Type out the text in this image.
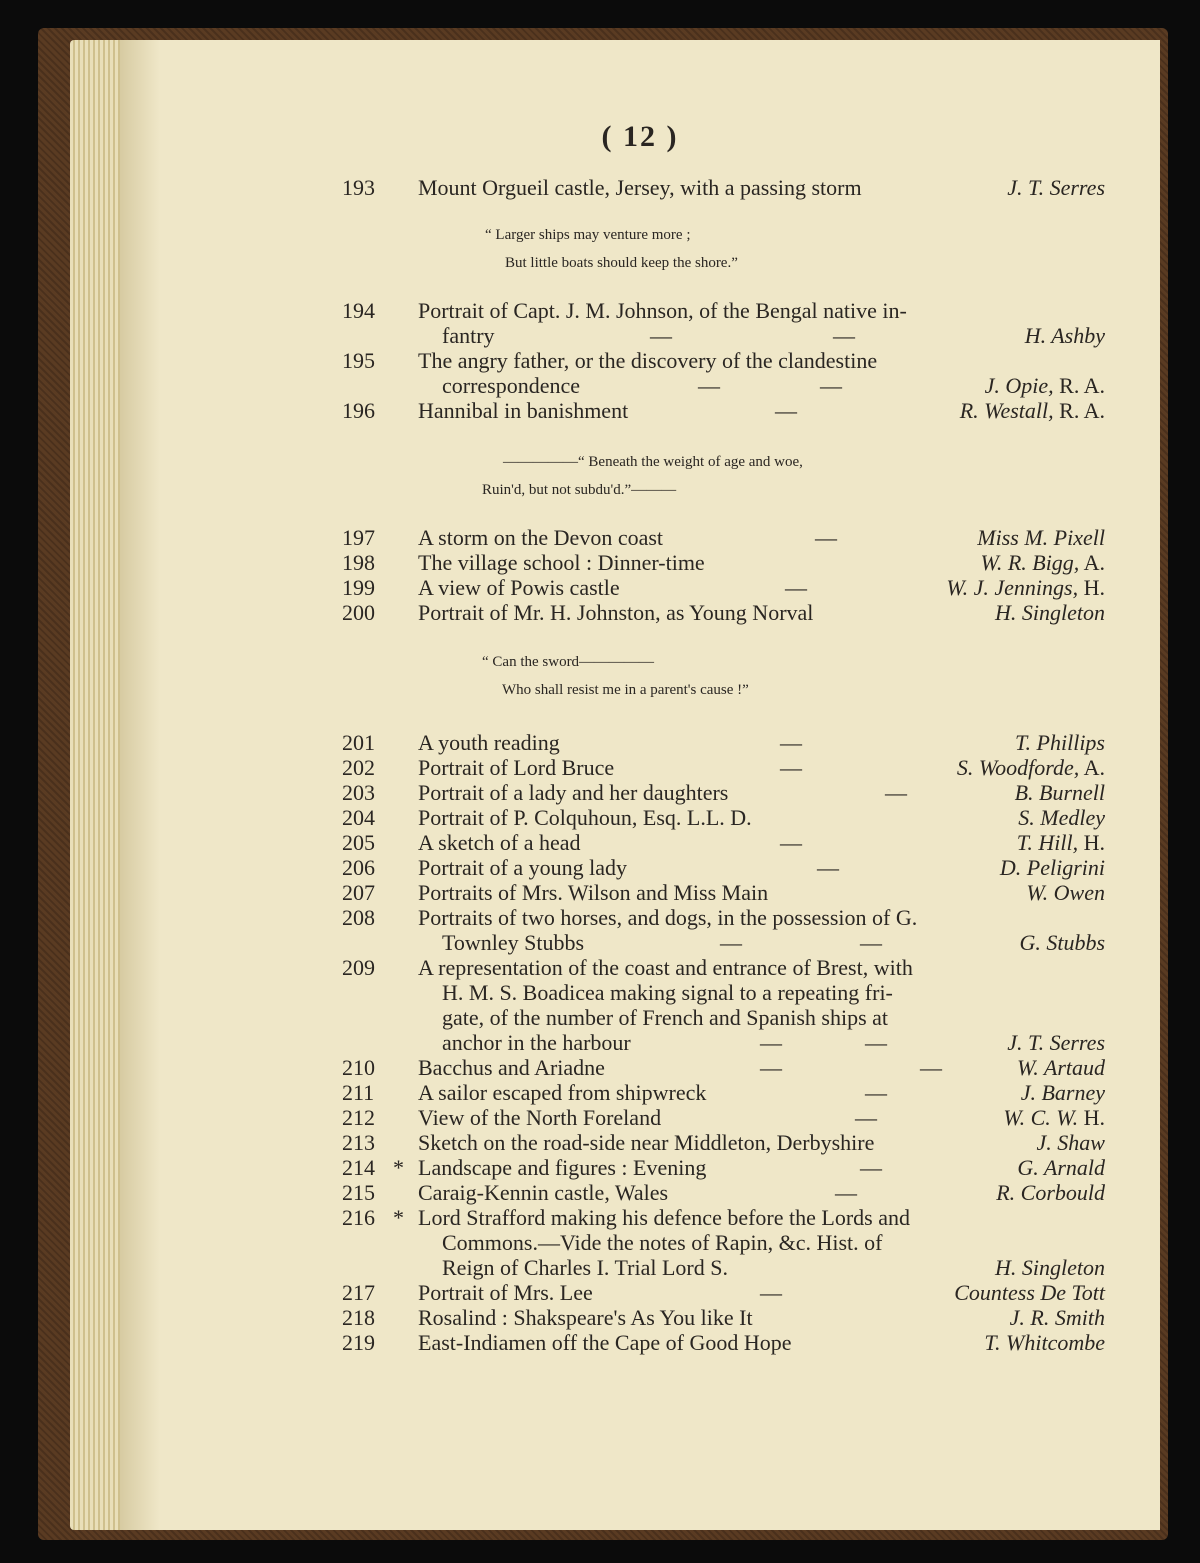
( 12 )
193	Mount Orgueil castle, Jersey, with a passing storm	J. T. Serres
“ Larger ships may venture more ;
But little boats should keep the shore.”
194	Portrait of Capt. J. M. Johnson, of the Bengal native in-
fantry	—	—	H. Ashby
195	The angry father, or the discovery of the clandestine
correspondence	—	—	J. Opie, R. A.
196	Hannibal in banishment	—	R. Westall, R. A.
—————“ Beneath the weight of age and woe,
Ruin'd, but not subdu'd.”———
197	A storm on the Devon coast	—	Miss M. Pixell
198	The village school : Dinner-time	W. R. Bigg, A.
199	A view of Powis castle	—	W. J. Jennings, H.
200	Portrait of Mr. H. Johnston, as Young Norval	H. Singleton
“ Can the sword—————
Who shall resist me in a parent's cause !”
201	A youth reading	—	T. Phillips
202	Portrait of Lord Bruce	—	S. Woodforde, A.
203	Portrait of a lady and her daughters	—	B. Burnell
204	Portrait of P. Colquhoun, Esq. L.L. D.	S. Medley
205	A sketch of a head	—	T. Hill, H.
206	Portrait of a young lady	—	D. Peligrini
207	Portraits of Mrs. Wilson and Miss Main	W. Owen
208	Portraits of two horses, and dogs, in the possession of G.
Townley Stubbs	—	—	G. Stubbs
209	A representation of the coast and entrance of Brest, with
H. M. S. Boadicea making signal to a repeating fri-
gate, of the number of French and Spanish ships at
anchor in the harbour	—	—	J. T. Serres
210	Bacchus and Ariadne	—	—	W. Artaud
211	A sailor escaped from shipwreck	—	J. Barney
212	View of the North Foreland	—	W. C. W. H.
213	Sketch on the road-side near Middleton, Derbyshire	J. Shaw
214 * Landscape and figures : Evening	—	G. Arnald
215	Caraig-Kennin castle, Wales	—	R. Corbould
216 * Lord Strafford making his defence before the Lords and
Commons.—Vide the notes of Rapin, &c. Hist. of
Reign of Charles I. Trial Lord S.	H. Singleton
217	Portrait of Mrs. Lee	—	Countess De Tott
218	Rosalind : Shakspeare's As You like It	J. R. Smith
219	East-Indiamen off the Cape of Good Hope	T. Whitcombe
